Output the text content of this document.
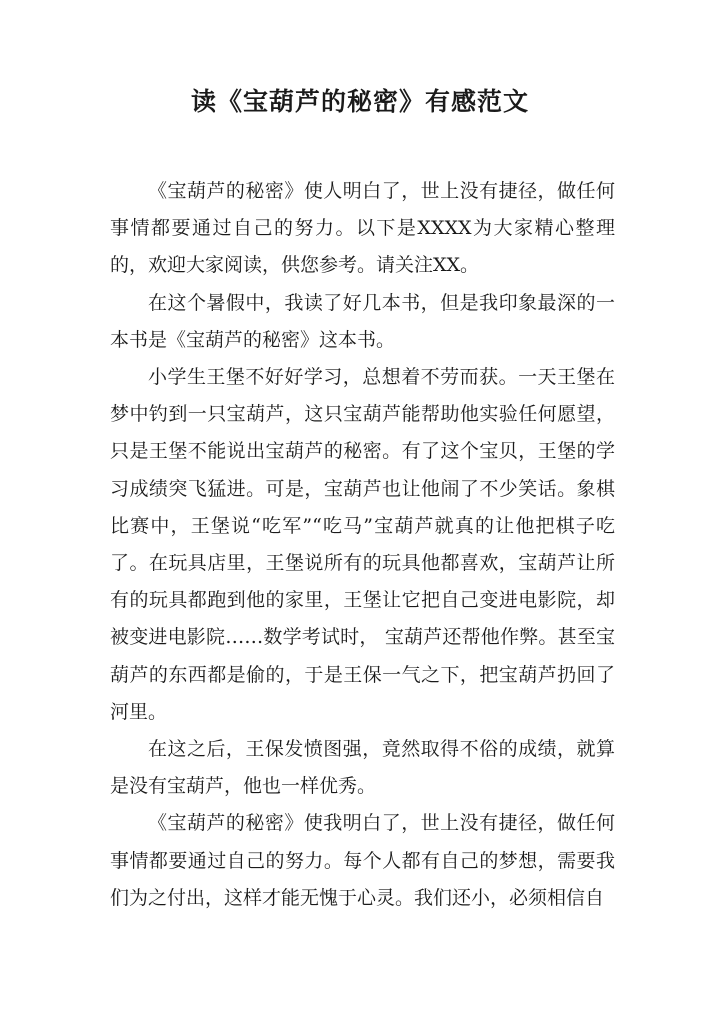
读《宝葫芦的秘密》有感范文

《宝葫芦的秘密》使人明白了，世上没有捷径，做任何事情都要通过自己的努力。以下是XXXX为大家精心整理的，欢迎大家阅读，供您参考。请关注XX。

在这个暑假中，我读了好几本书，但是我印象最深的一本书是《宝葫芦的秘密》这本书。

小学生王堡不好好学习，总想着不劳而获。一天王堡在梦中钓到一只宝葫芦，这只宝葫芦能帮助他实验任何愿望，只是王堡不能说出宝葫芦的秘密。有了这个宝贝，王堡的学习成绩突飞猛进。可是，宝葫芦也让他闹了不少笑话。象棋比赛中，王堡说“吃军”“吃马”宝葫芦就真的让他把棋子吃了。在玩具店里，王堡说所有的玩具他都喜欢，宝葫芦让所有的玩具都跑到他的家里，王堡让它把自己变进电影院，却被变进电影院……数学考试时， 宝葫芦还帮他作弊。甚至宝葫芦的东西都是偷的，于是王保一气之下，把宝葫芦扔回了河里。

在这之后，王保发愤图强，竟然取得不俗的成绩，就算是没有宝葫芦，他也一样优秀。

《宝葫芦的秘密》使我明白了，世上没有捷径，做任何事情都要通过自己的努力。每个人都有自己的梦想，需要我们为之付出，这样才能无愧于心灵。我们还小，必须相信自
